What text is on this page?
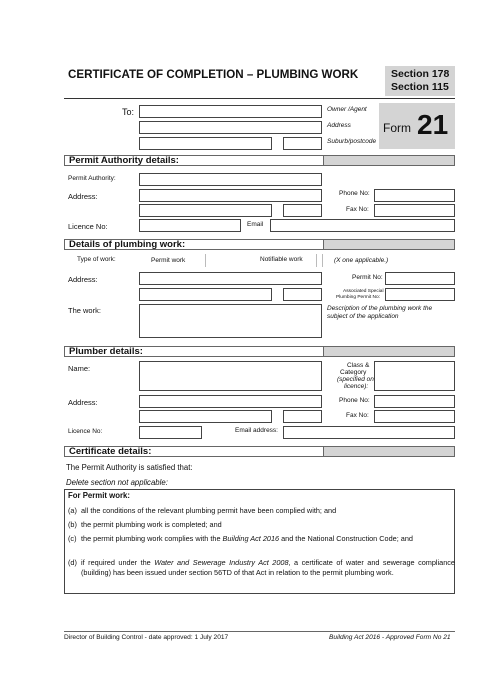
CERTIFICATE OF COMPLETION – PLUMBING WORK	Section 178
Section 115
To:	Owner /Agent
Address
Suburb/postcode
Form 21
Permit Authority details:
Permit Authority:
Address:	Phone No:
Fax No:
Licence No:	Email
Details of plumbing work:
Type of work:	Permit work	Notifiable work	(X one applicable.)
Address:	Permit No:
Associated Special
Plumbing Permit No:
The work:	Description of the plumbing work the
subject of the application
Plumber details:
Name:	Class &
Category
(specified on
licence):
Address:	Phone No:
Fax No:
Licence No:	Email address:
Certificate details:
The Permit Authority is satisfied that:
Delete section not applicable:
For Permit work:
(a) all the conditions of the relevant plumbing permit have been complied with; and
(b) the permit plumbing work is completed; and
(c) the permit plumbing work complies with the Building Act 2016 and the National Construction Code; and
(d) if required under the Water and Sewerage Industry Act 2008, a certificate of water and sewerage compliance (building) has been issued under section 56TD of that Act in relation to the permit plumbing work.
Director of Building Control - date approved: 1 July 2017	Building Act 2016 - Approved Form No 21
